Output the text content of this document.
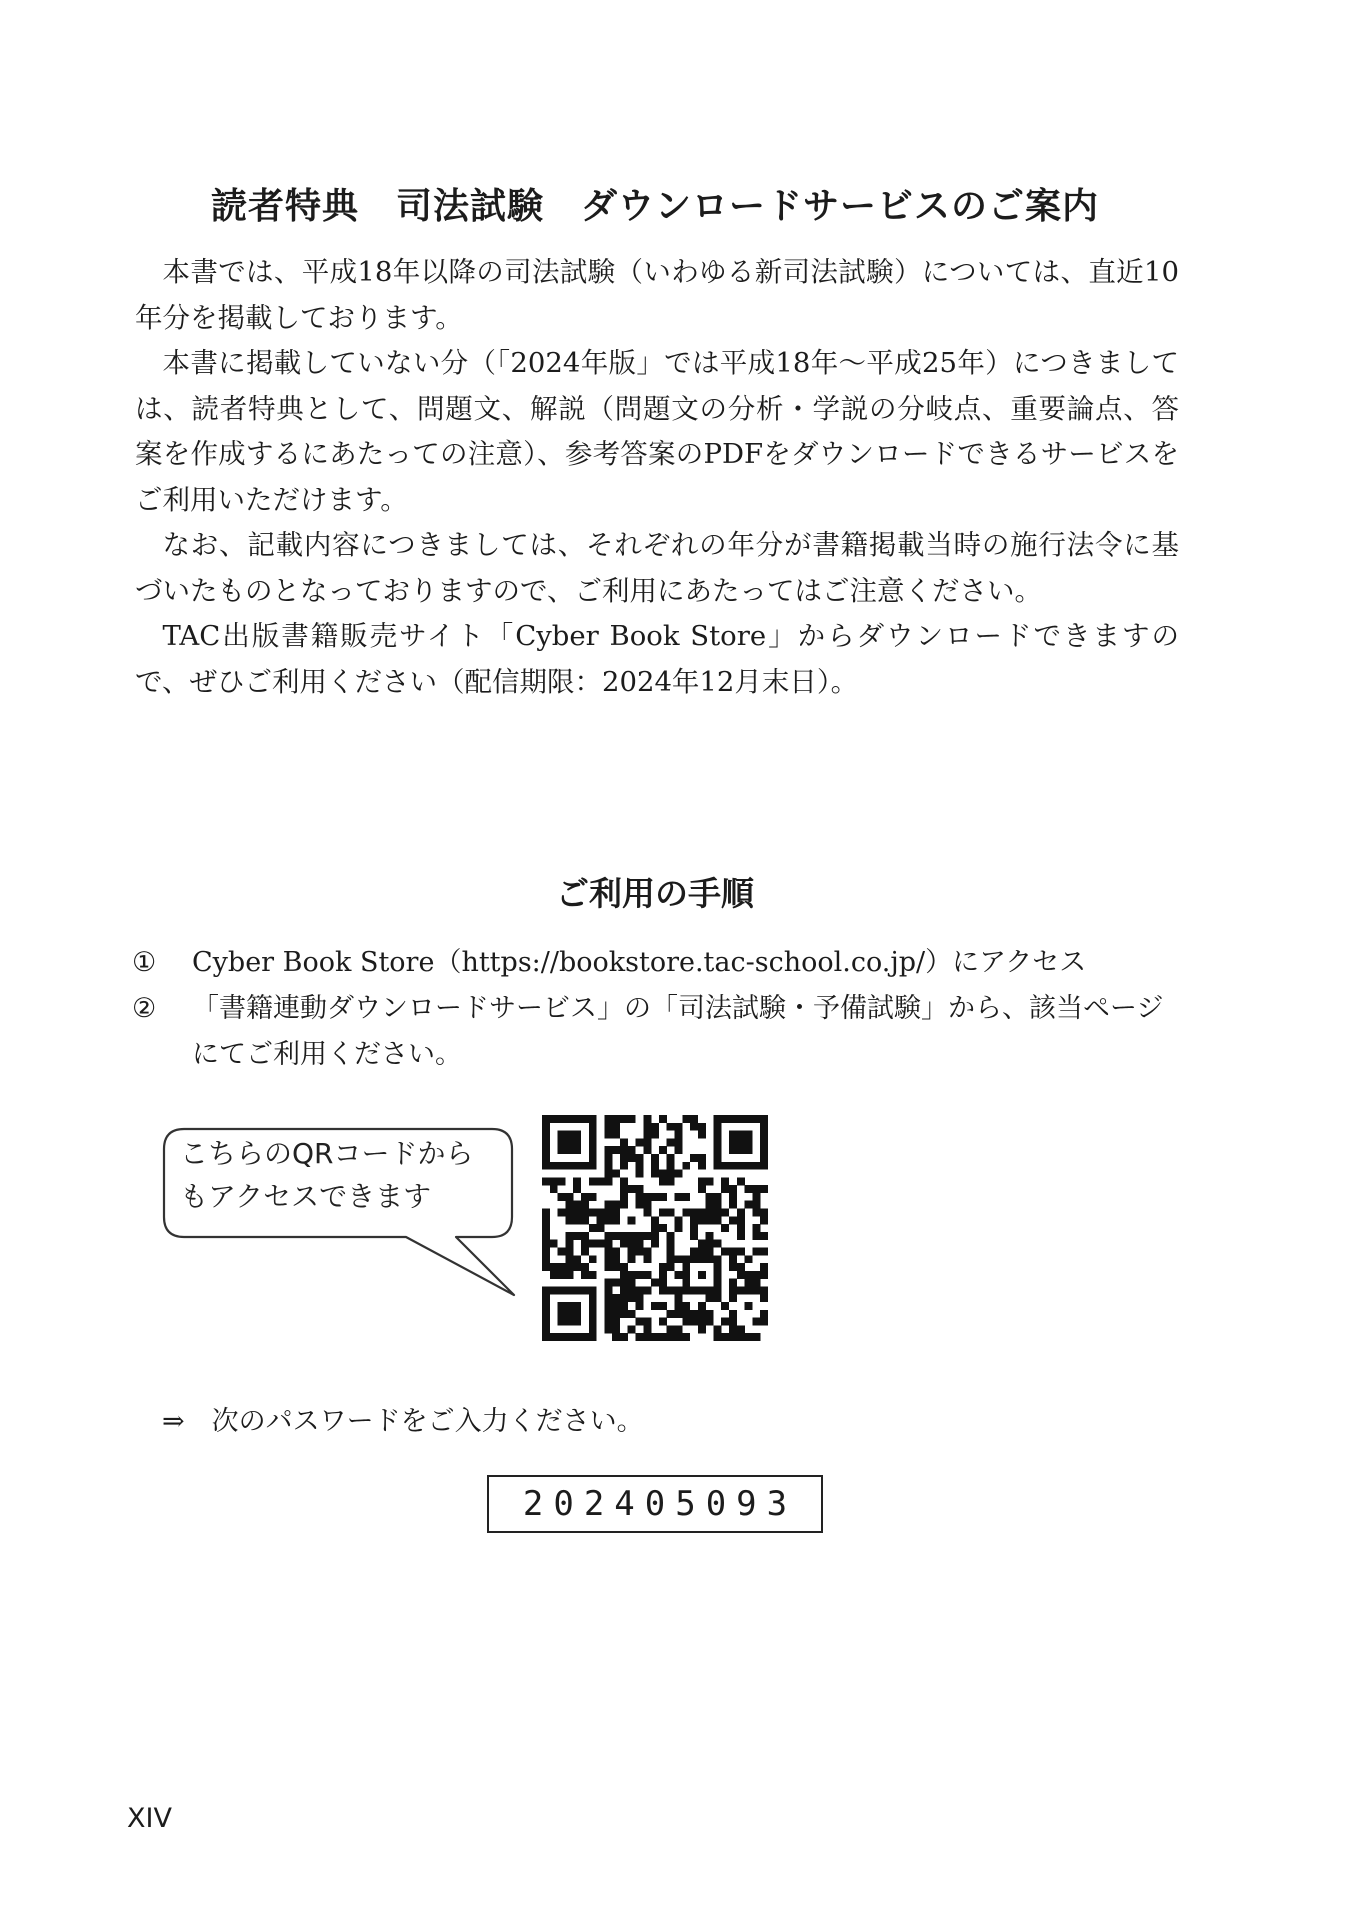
読者特典　司法試験　ダウンロードサービスのご案内

本書では、平成18年以降の司法試験（いわゆる新司法試験）については、直近10年分を掲載しております。

本書に掲載していない分（「2024年版」では平成18年〜平成25年）につきましては、読者特典として、問題文、解説（問題文の分析・学説の分岐点、重要論点、答案を作成するにあたっての注意）、参考答案のPDFをダウンロードできるサービスをご利用いただけます。

なお、記載内容につきましては、それぞれの年分が書籍掲載当時の施行法令に基づいたものとなっておりますので、ご利用にあたってはご注意ください。

TAC出版書籍販売サイト「Cyber Book Store」からダウンロードできますので、ぜひご利用ください（配信期限：2024年12月末日）。

ご利用の手順
① Cyber Book Store（https://bookstore.tac-school.co.jp/）にアクセス
② 「書籍連動ダウンロードサービス」の「司法試験・予備試験」から、該当ページにてご利用ください。
こちらのQRコードから
もアクセスできます
⇒　次のパスワードをご入力ください。
202405093
XIV
